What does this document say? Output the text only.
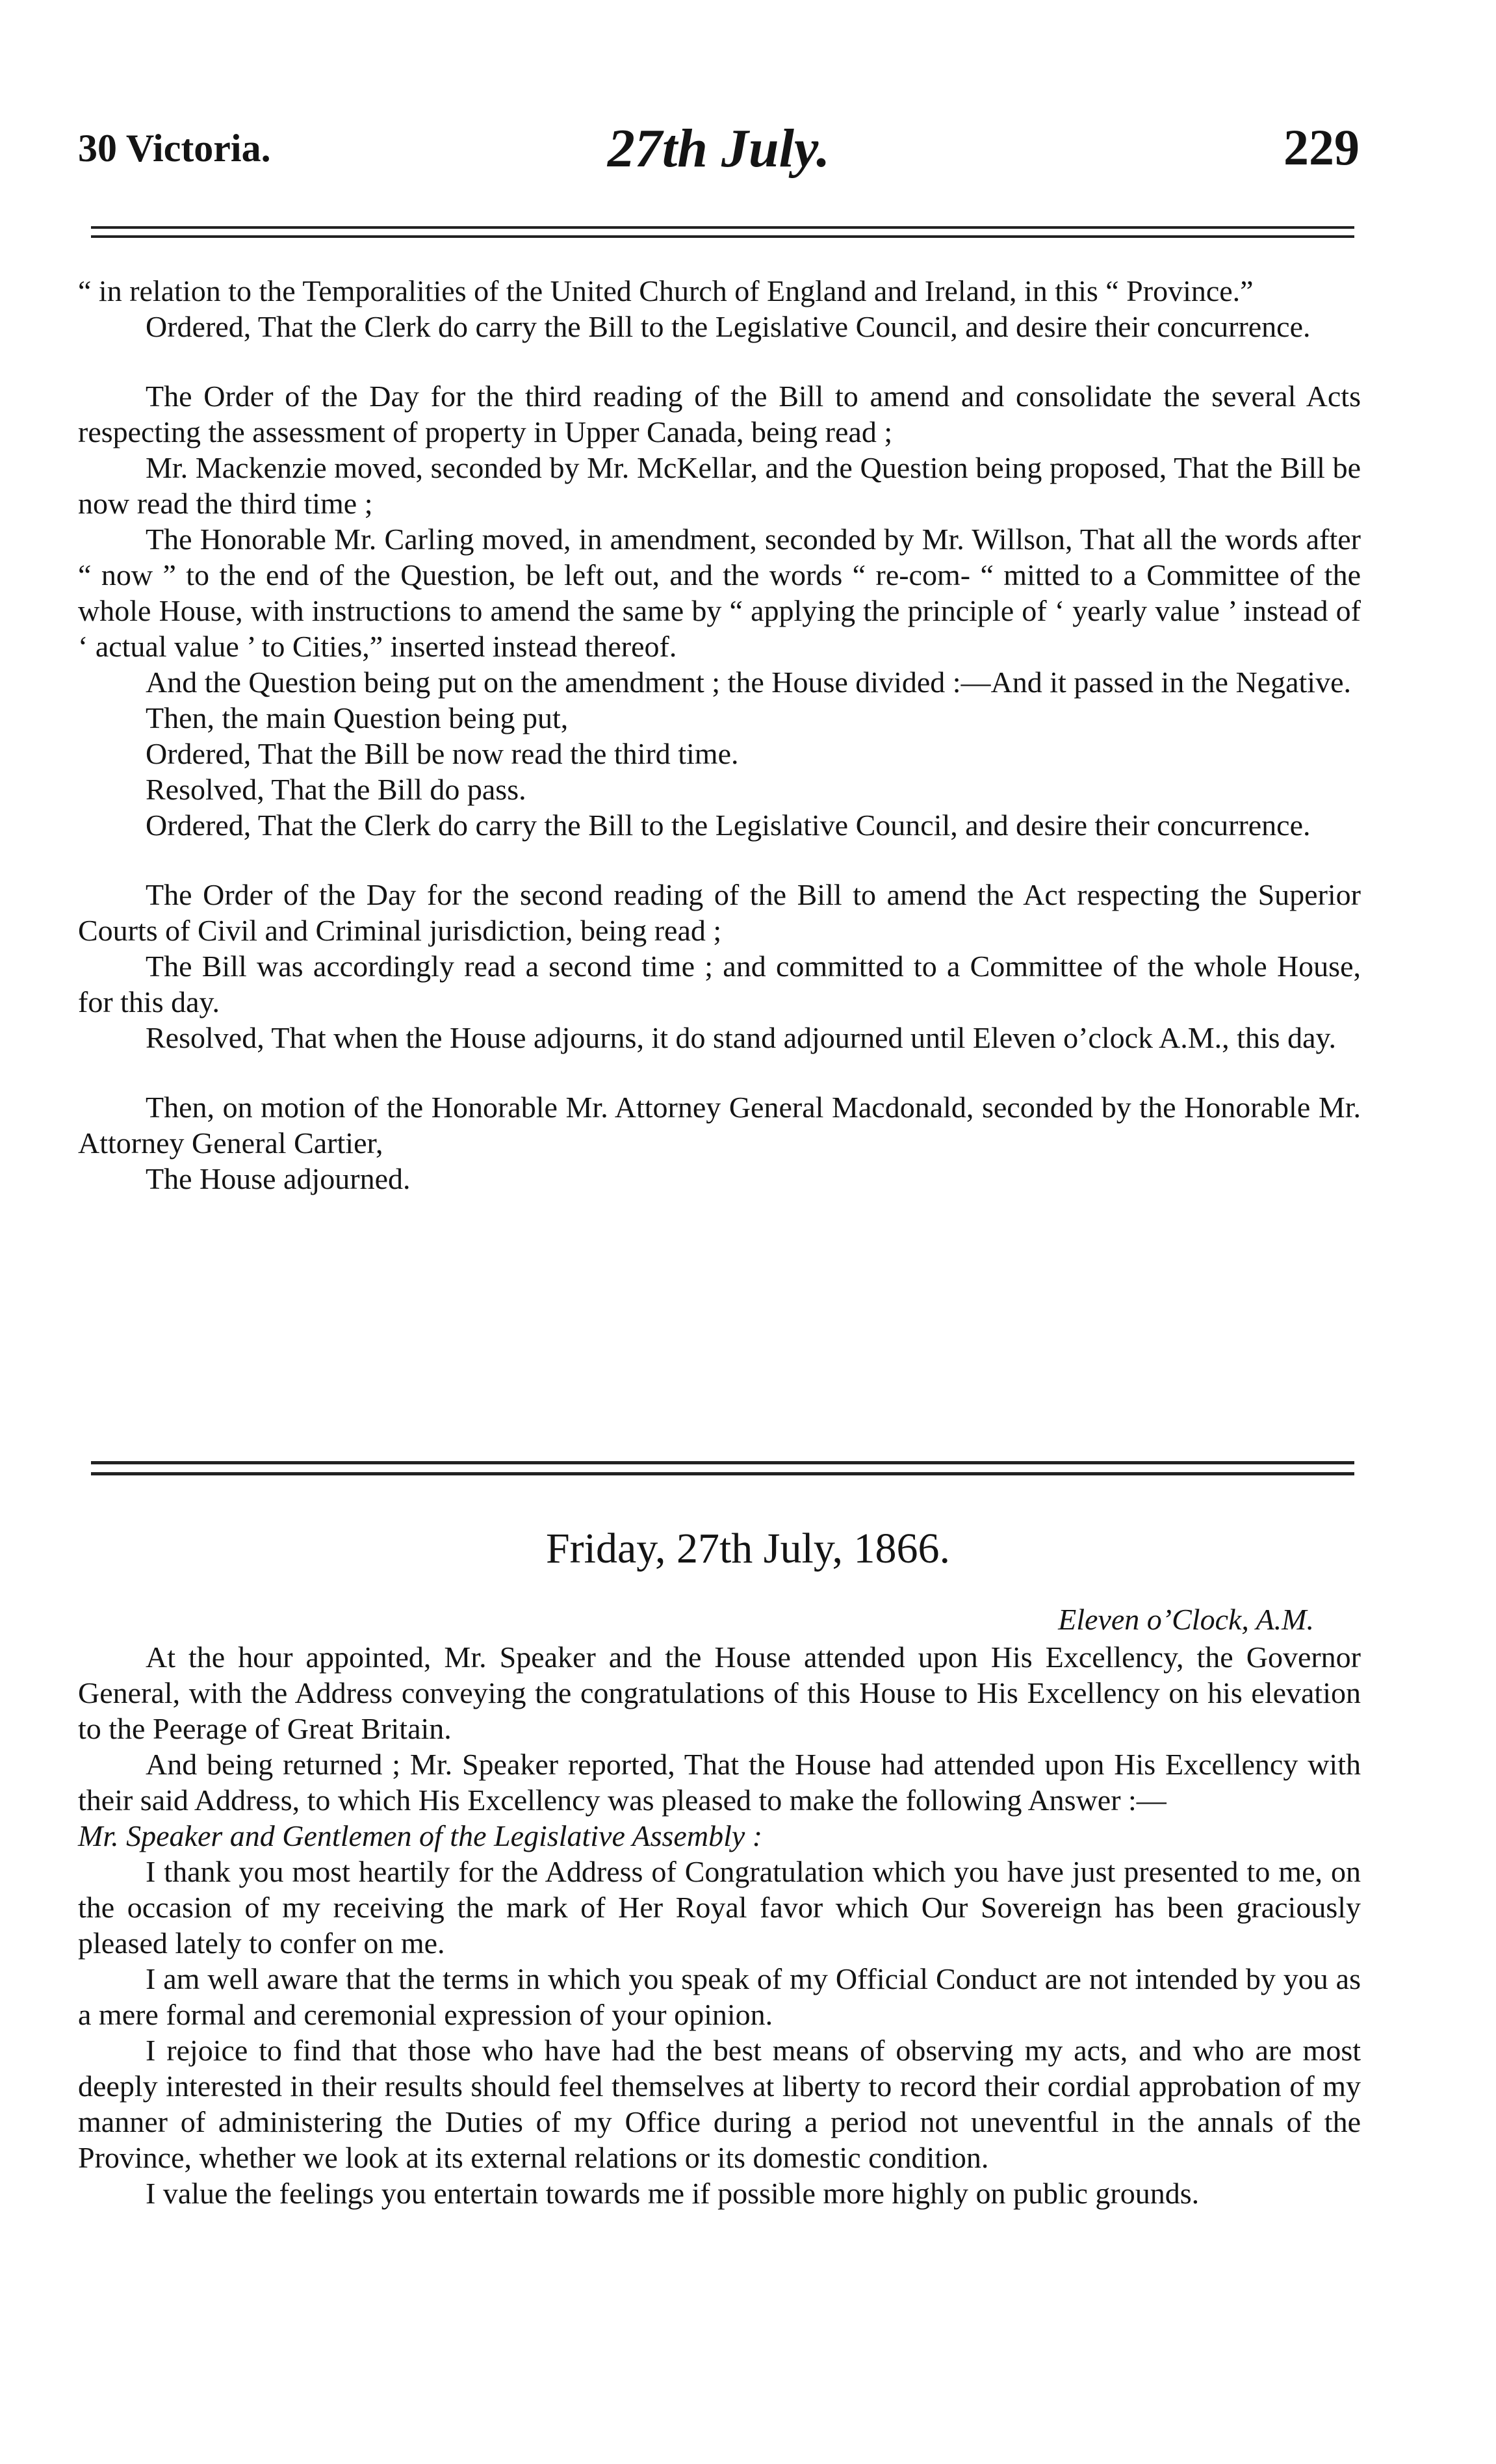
30 Victoria.	27th July.	229

“ in relation to the Temporalities of the United Church of England and Ireland, in this “ Province.”

Ordered, That the Clerk do carry the Bill to the Legislative Council, and desire their concurrence.

The Order of the Day for the third reading of the Bill to amend and consolidate the several Acts respecting the assessment of property in Upper Canada, being read ;

Mr. Mackenzie moved, seconded by Mr. McKellar, and the Question being proposed, That the Bill be now read the third time ;

The Honorable Mr. Carling moved, in amendment, seconded by Mr. Willson, That all the words after “ now ” to the end of the Question, be left out, and the words “ re-com- “ mitted to a Committee of the whole House, with instructions to amend the same by “ applying the principle of ‘ yearly value ’ instead of ‘ actual value ’ to Cities,” inserted instead thereof.

And the Question being put on the amendment ; the House divided :—And it passed in the Negative.

Then, the main Question being put,

Ordered, That the Bill be now read the third time.

Resolved, That the Bill do pass.

Ordered, That the Clerk do carry the Bill to the Legislative Council, and desire their concurrence.

The Order of the Day for the second reading of the Bill to amend the Act respecting the Superior Courts of Civil and Criminal jurisdiction, being read ;

The Bill was accordingly read a second time ; and committed to a Committee of the whole House, for this day.

Resolved, That when the House adjourns, it do stand adjourned until Eleven o’clock A.M., this day.

Then, on motion of the Honorable Mr. Attorney General Macdonald, seconded by the Honorable Mr. Attorney General Cartier,

The House adjourned.

Friday, 27th July, 1866.
Eleven o’Clock, A.M.

At the hour appointed, Mr. Speaker and the House attended upon His Excellency, the Governor General, with the Address conveying the congratulations of this House to His Excellency on his elevation to the Peerage of Great Britain.

And being returned ; Mr. Speaker reported, That the House had attended upon His Excellency with their said Address, to which His Excellency was pleased to make the following Answer :—

Mr. Speaker and Gentlemen of the Legislative Assembly :

I thank you most heartily for the Address of Congratulation which you have just presented to me, on the occasion of my receiving the mark of Her Royal favor which Our Sovereign has been graciously pleased lately to confer on me.

I am well aware that the terms in which you speak of my Official Conduct are not intended by you as a mere formal and ceremonial expression of your opinion.

I rejoice to find that those who have had the best means of observing my acts, and who are most deeply interested in their results should feel themselves at liberty to record their cordial approbation of my manner of administering the Duties of my Office during a period not uneventful in the annals of the Province, whether we look at its external relations or its domestic condition.

I value the feelings you entertain towards me if possible more highly on public grounds.
